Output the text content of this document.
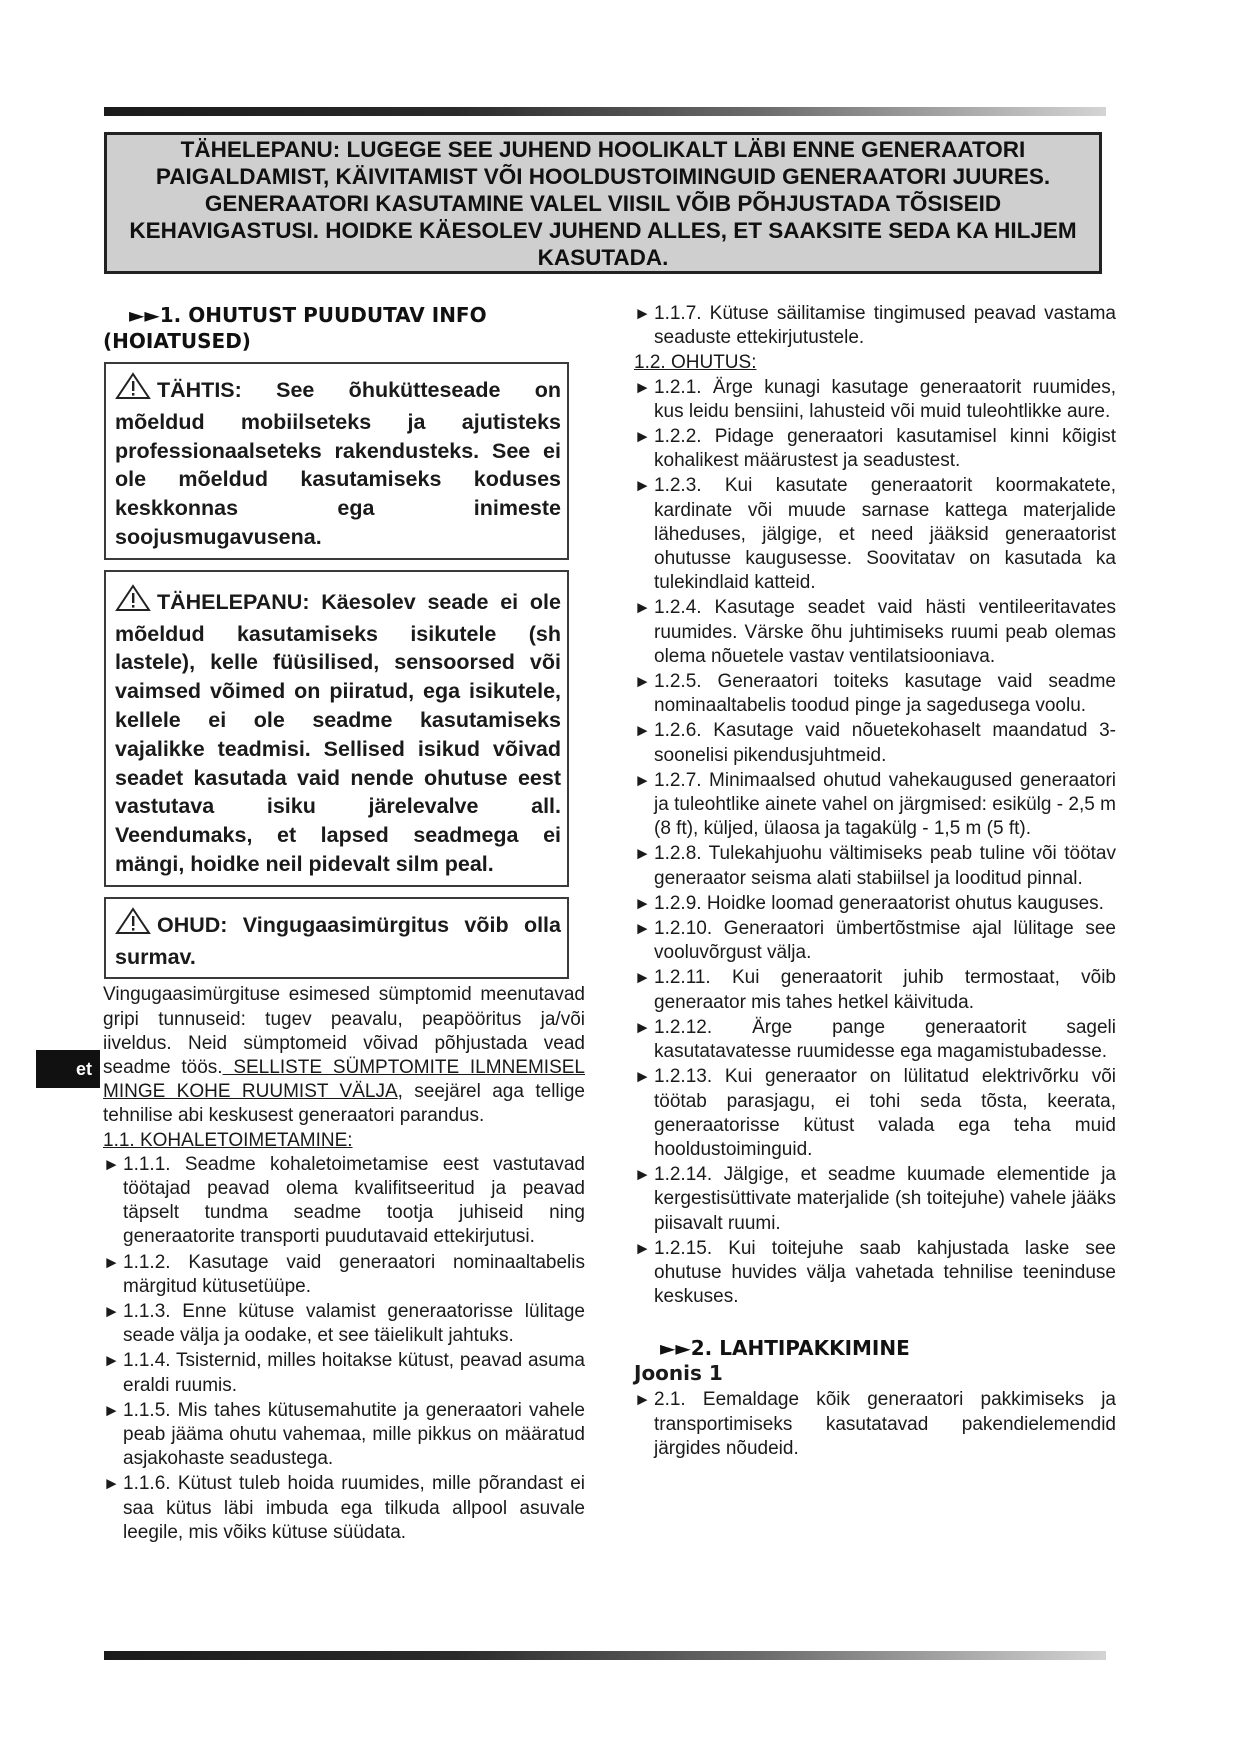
TÄHELEPANU: LUGEGE SEE JUHEND HOOLIKALT LÄBI ENNE GENERAATORI PAIGALDAMIST, KÄIVITAMIST VÕI HOOLDUSTOIMINGUID GENERAATORI JUURES. GENERAATORI KASUTAMINE VALEL VIISIL VÕIB PÕHJUSTADA TÕSISEID KEHAVIGASTUSI. HOIDKE KÄESOLEV JUHEND ALLES, ET SAAKSITE SEDA KA HILJEM KASUTADA.
►►1. OHUTUST PUUDUTAV INFO
(HOIATUSED)
TÄHTIS: See õhukütteseade on mõeldud mobiilseteks ja ajutisteks professionaalseteks rakendusteks. See ei ole mõeldud kasutamiseks koduses keskkonnas ega inimeste soojusmugavusena.
TÄHELEPANU: Käesolev seade ei ole mõeldud kasutamiseks isikutele (sh lastele), kelle füüsilised, sensoorsed või vaimsed võimed on piiratud, ega isikutele, kellele ei ole seadme kasutamiseks vajalikke teadmisi. Sellised isikud võivad seadet kasutada vaid nende ohutuse eest vastutava isiku järelevalve all. Veendumaks, et lapsed seadmega ei mängi, hoidke neil pidevalt silm peal.
OHUD: Vingugaasimürgitus võib olla surmav.

Vingugaasimürgituse esimesed sümptomid meenutavad gripi tunnuseid: tugev peavalu, peapööritus ja/või iiveldus. Neid sümptomeid võivad põhjustada vead seadme töös. SELLISTE SÜMPTOMITE ILMNEMISEL MINGE KOHE RUUMIST VÄLJA, seejärel aga tellige tehnilise abi keskusest generaatori parandus.

1.1. KOHALETOIMETAMINE:

► 1.1.1. Seadme kohaletoimetamise eest vastutavad töötajad peavad olema kvalifitseeritud ja peavad täpselt tundma seadme tootja juhiseid ning generaatorite transporti puudutavaid ettekirjutusi.
► 1.1.2. Kasutage vaid generaatori nominaaltabelis märgitud kütusetüüpe.
► 1.1.3. Enne kütuse valamist generaatorisse lülitage seade välja ja oodake, et see täielikult jahtuks.
► 1.1.4. Tsisternid, milles hoitakse kütust, peavad asuma eraldi ruumis.
► 1.1.5. Mis tahes kütusemahutite ja generaatori vahele peab jääma ohutu vahemaa, mille pikkus on määratud asjakohaste seadustega.
► 1.1.6. Kütust tuleb hoida ruumides, mille põrandast ei saa kütus läbi imbuda ega tilkuda allpool asuvale leegile, mis võiks kütuse süüdata.
et
► 1.1.7. Kütuse säilitamise tingimused peavad vastama seaduste ettekirjutustele.

1.2. OHUTUS:

► 1.2.1. Ärge kunagi kasutage generaatorit ruumides, kus leidu bensiini, lahusteid või muid tuleohtlikke aure.
► 1.2.2. Pidage generaatori kasutamisel kinni kõigist kohalikest määrustest ja seadustest.
► 1.2.3. Kui kasutate generaatorit koormakatete, kardinate või muude sarnase kattega materjalide läheduses, jälgige, et need jääksid generaatorist ohutusse kaugusesse. Soovitatav on kasutada ka tulekindlaid katteid.
► 1.2.4. Kasutage seadet vaid hästi ventileeritavates ruumides. Värske õhu juhtimiseks ruumi peab olemas olema nõuetele vastav ventilatsiooniava.
► 1.2.5. Generaatori toiteks kasutage vaid seadme nominaaltabelis toodud pinge ja sagedusega voolu.
► 1.2.6. Kasutage vaid nõuetekohaselt maandatud 3-soonelisi pikendusjuhtmeid.
► 1.2.7. Minimaalsed ohutud vahekaugused generaatori ja tuleohtlike ainete vahel on järgmised: esikülg - 2,5 m (8 ft), küljed, ülaosa ja tagakülg - 1,5 m (5 ft).
► 1.2.8. Tulekahjuohu vältimiseks peab tuline või töötav generaator seisma alati stabiilsel ja looditud pinnal.
► 1.2.9. Hoidke loomad generaatorist ohutus kauguses.
► 1.2.10. Generaatori ümbertõstmise ajal lülitage see vooluvõrgust välja.
► 1.2.11. Kui generaatorit juhib termostaat, võib generaator mis tahes hetkel käivituda.
► 1.2.12. Ärge pange generaatorit sageli kasutatavatesse ruumidesse ega magamistubadesse.
► 1.2.13. Kui generaator on lülitatud elektrivõrku või töötab parasjagu, ei tohi seda tõsta, keerata, generaatorisse kütust valada ega teha muid hooldustoiminguid.
► 1.2.14. Jälgige, et seadme kuumade elementide ja kergestisüttivate materjalide (sh toitejuhe) vahele jääks piisavalt ruumi.
► 1.2.15. Kui toitejuhe saab kahjustada laske see ohutuse huvides välja vahetada tehnilise teeninduse keskuses.
►►2. LAHTIPAKKIMINE

Joonis 1

► 2.1. Eemaldage kõik generaatori pakkimiseks ja transportimiseks kasutatavad pakendielemendid järgides nõudeid.
